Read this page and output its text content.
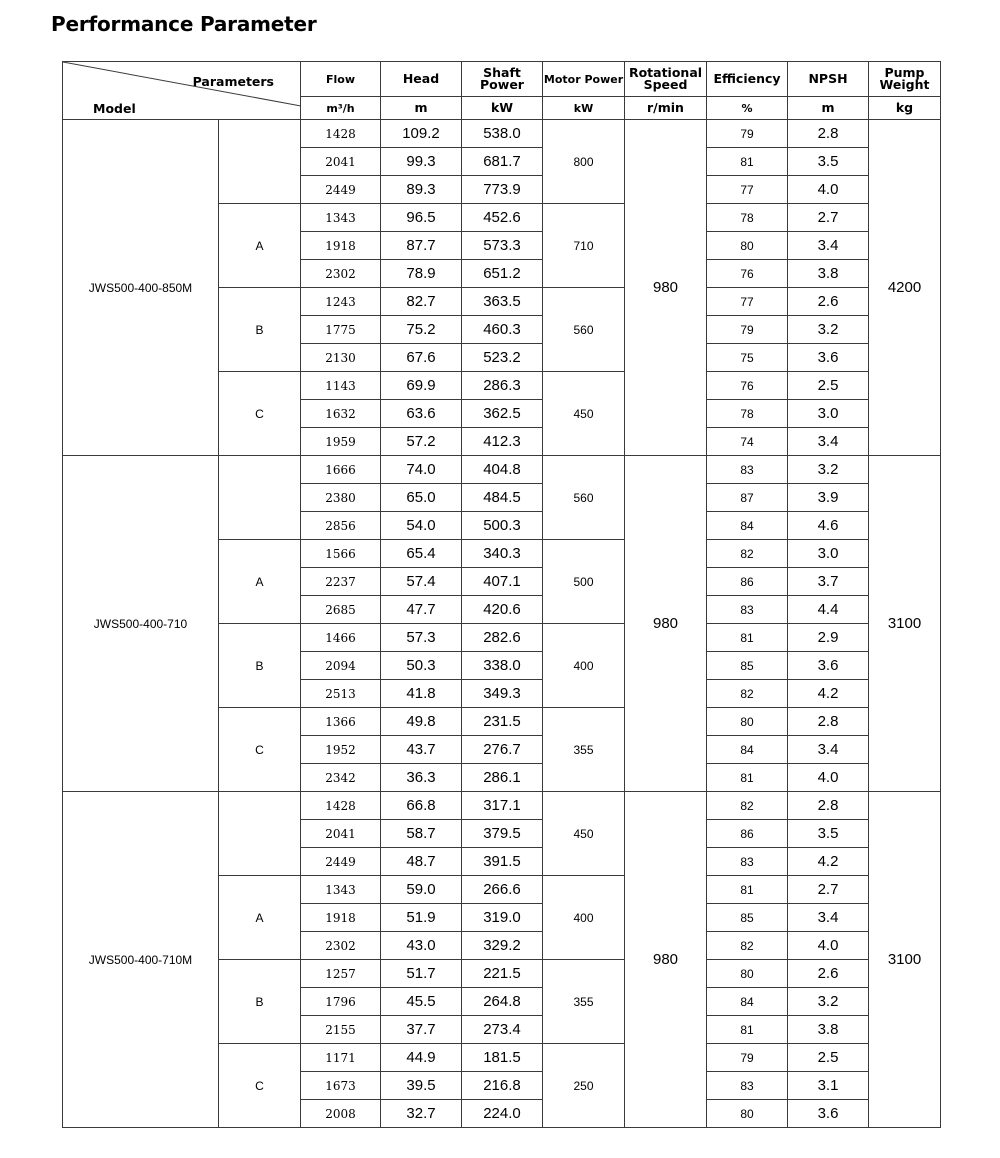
Performance Parameter
Parameters
Model		Flow	Head	Shaft Power	Motor Power	Rotational Speed	Efficiency	NPSH	Pump Weight
		m³/h	m	kW	kW	r/min	%	m	kg
JWS500-400-850M		1428	109.2	538.0	800	980	79	2.8	4200
		2041	99.3	681.7			81	3.5	
		2449	89.3	773.9			77	4.0	
	A	1343	96.5	452.6	710		78	2.7	
		1918	87.7	573.3			80	3.4	
		2302	78.9	651.2			76	3.8	
	B	1243	82.7	363.5	560		77	2.6	
		1775	75.2	460.3			79	3.2	
		2130	67.6	523.2			75	3.6	
	C	1143	69.9	286.3	450		76	2.5	
		1632	63.6	362.5			78	3.0	
		1959	57.2	412.3			74	3.4	
JWS500-400-710		1666	74.0	404.8	560	980	83	3.2	3100
		2380	65.0	484.5			87	3.9	
		2856	54.0	500.3			84	4.6	
	A	1566	65.4	340.3	500		82	3.0	
		2237	57.4	407.1			86	3.7	
		2685	47.7	420.6			83	4.4	
	B	1466	57.3	282.6	400		81	2.9	
		2094	50.3	338.0			85	3.6	
		2513	41.8	349.3			82	4.2	
	C	1366	49.8	231.5	355		80	2.8	
		1952	43.7	276.7			84	3.4	
		2342	36.3	286.1			81	4.0	
JWS500-400-710M		1428	66.8	317.1	450	980	82	2.8	3100
		2041	58.7	379.5			86	3.5	
		2449	48.7	391.5			83	4.2	
	A	1343	59.0	266.6	400		81	2.7	
		1918	51.9	319.0			85	3.4	
		2302	43.0	329.2			82	4.0	
	B	1257	51.7	221.5	355		80	2.6	
		1796	45.5	264.8			84	3.2	
		2155	37.7	273.4			81	3.8	
	C	1171	44.9	181.5	250		79	2.5	
		1673	39.5	216.8			83	3.1	
		2008	32.7	224.0			80	3.6	
